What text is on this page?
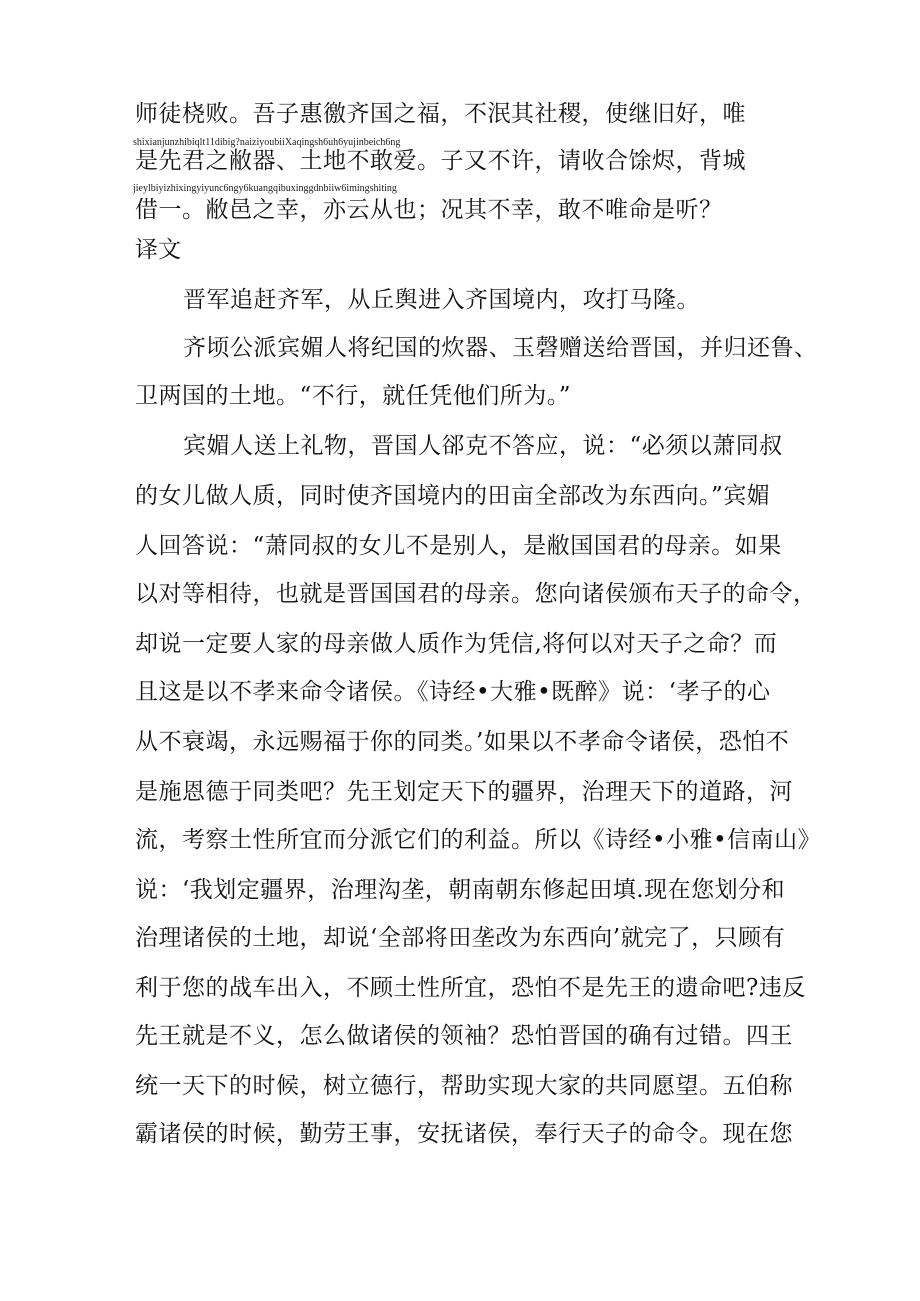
师徒桡败。吾子惠徼齐国之福，不泯其社稷，使继旧好，唯
shixianjunzhibiqlt11dibig?naiziyoubiiXaqingsh6uh6yujinbeich6ng
是先君之敝器、土地不敢爱。子又不许，请收合馀烬，背城
jieylbiyizhixingyiyunc6ngy6kuangqibuxinggdnbiiw6imingshiting
借一。敝邑之幸，亦云从也；况其不幸，敢不唯命是听？
译文
晋军追赶齐军，从丘舆进入齐国境内，攻打马隆。
齐顷公派宾媚人将纪国的炊器、玉磬赠送给晋国，并归还鲁、
卫两国的土地。“不行，就任凭他们所为。”
宾媚人送上礼物，晋国人郤克不答应，说：“必须以萧同叔
的女儿做人质，同时使齐国境内的田亩全部改为东西向。”宾媚
人回答说：“萧同叔的女儿不是别人，是敝国国君的母亲。如果
以对等相待，也就是晋国国君的母亲。您向诸侯颁布天子的命令，
却说一定要人家的母亲做人质作为凭信,将何以对天子之命？而
且这是以不孝来命令诸侯。《诗经•大雅•既醉》说：‘孝子的心
从不衰竭，永远赐福于你的同类。’如果以不孝命令诸侯，恐怕不
是施恩德于同类吧？先王划定天下的疆界，治理天下的道路，河
流，考察土性所宜而分派它们的利益。所以《诗经•小雅•信南山》
说：‘我划定疆界，治理沟垄，朝南朝东修起田填.现在您划分和
治理诸侯的土地，却说‘全部将田垄改为东西向’就完了，只顾有
利于您的战车出入，不顾土性所宜，恐怕不是先王的遗命吧?违反
先王就是不义，怎么做诸侯的领袖？恐怕晋国的确有过错。四王
统一天下的时候，树立德行，帮助实现大家的共同愿望。五伯称
霸诸侯的时候，勤劳王事，安抚诸侯，奉行天子的命令。现在您
